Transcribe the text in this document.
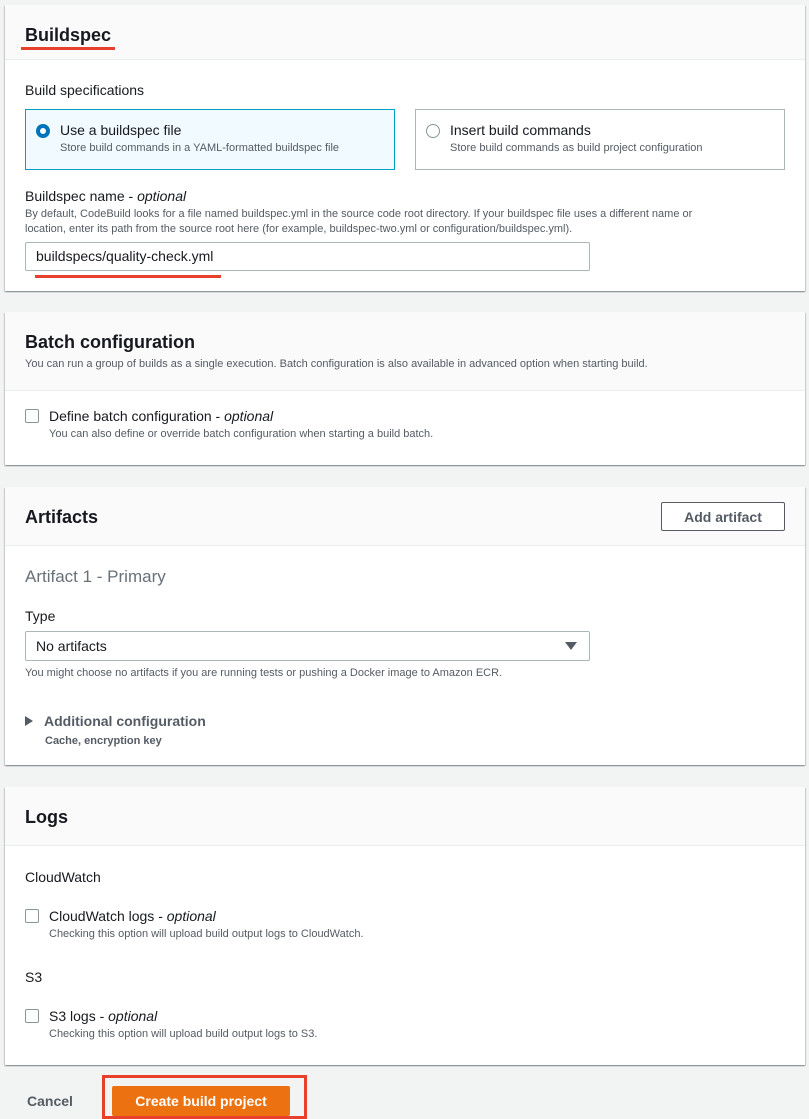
Buildspec
Build specifications
Use a buildspec file
Store build commands in a YAML-formatted buildspec file
Insert build commands
Store build commands as build project configuration
Buildspec name - optional
By default, CodeBuild looks for a file named buildspec.yml in the source code root directory. If your buildspec file uses a different name or
location, enter its path from the source root here (for example, buildspec-two.yml or configuration/buildspec.yml).
buildspecs/quality-check.yml
Batch configuration
You can run a group of builds as a single execution. Batch configuration is also available in advanced option when starting build.
Define batch configuration - optional
You can also define or override batch configuration when starting a build batch.
Artifacts	Add artifact
Artifact 1 - Primary
Type
No artifacts
You might choose no artifacts if you are running tests or pushing a Docker image to Amazon ECR.
Additional configuration
Cache, encryption key
Logs
CloudWatch
CloudWatch logs - optional
Checking this option will upload build output logs to CloudWatch.
S3
S3 logs - optional
Checking this option will upload build output logs to S3.
Cancel	Create build project
